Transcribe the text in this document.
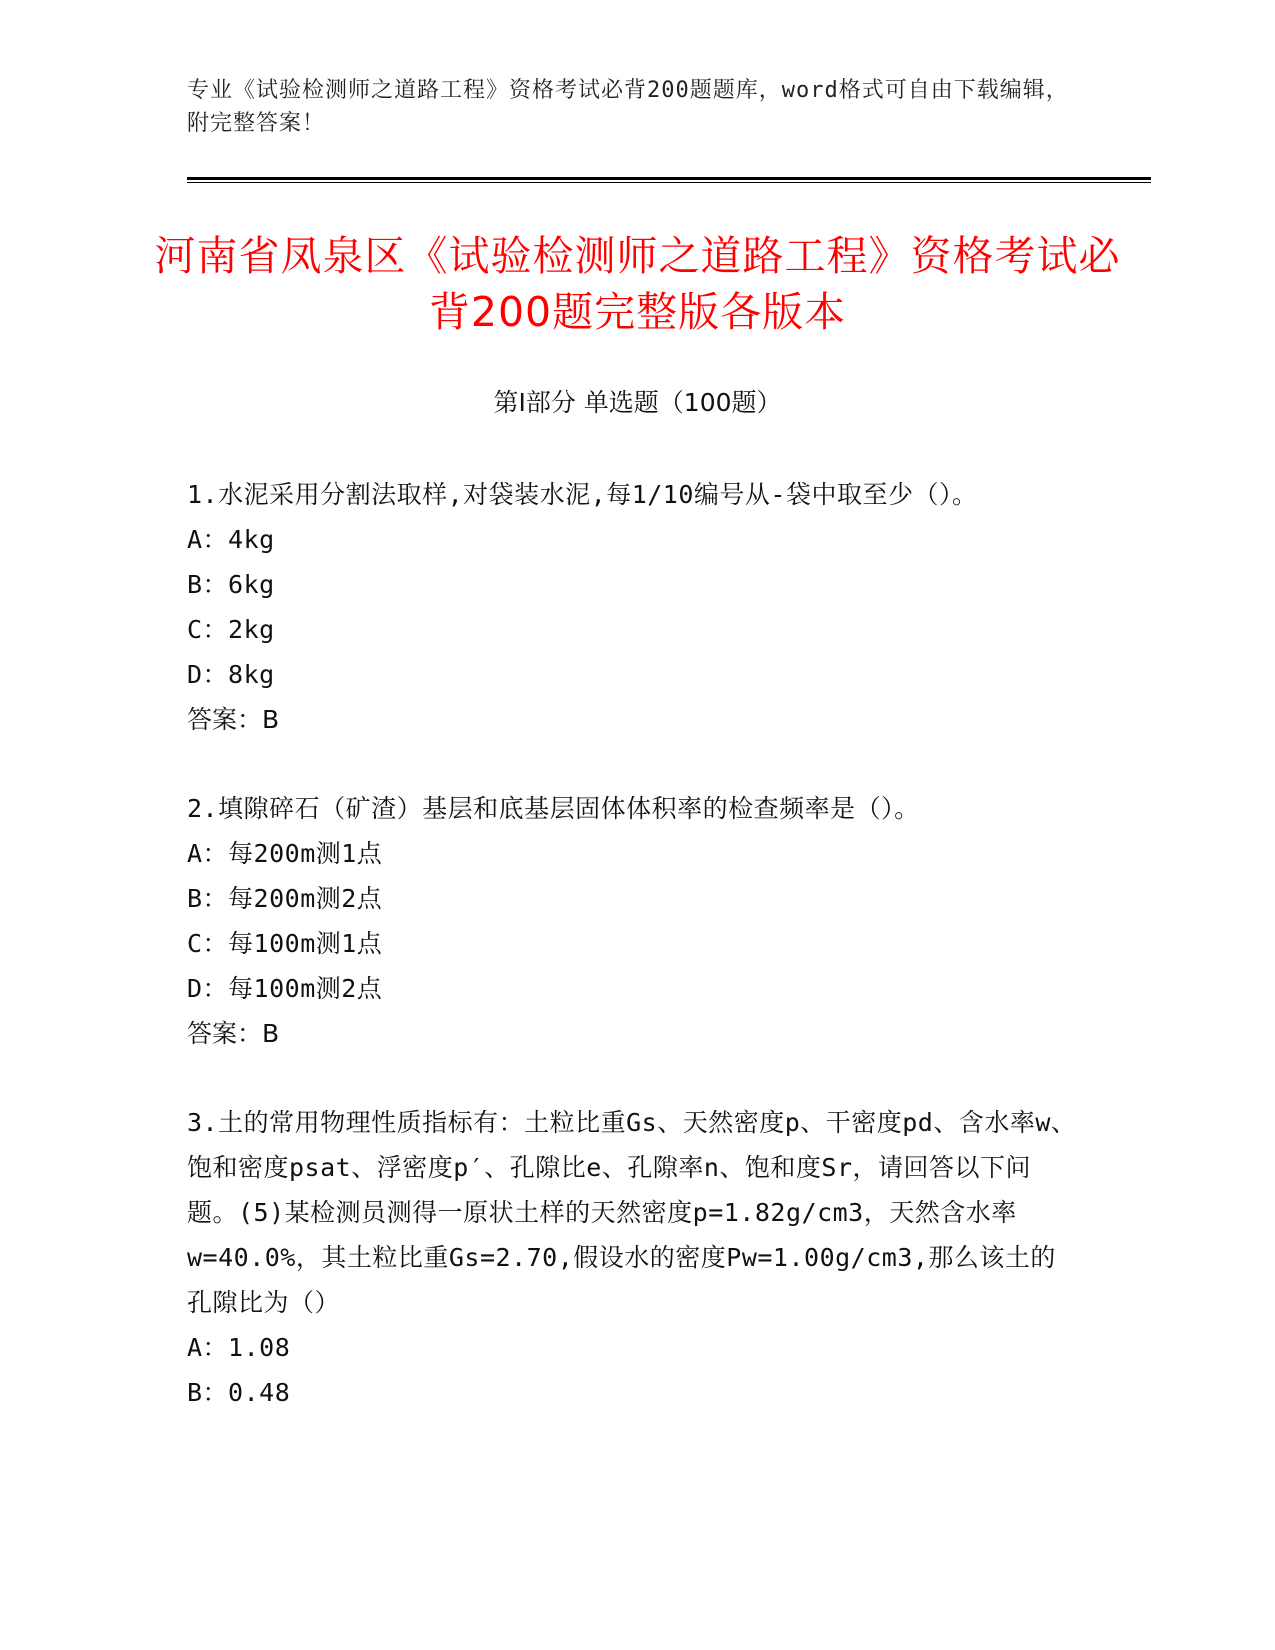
专业《试验检测师之道路工程》资格考试必背200题题库，word格式可自由下载编辑，附完整答案！
河南省凤泉区《试验检测师之道路工程》资格考试必背200题完整版各版本
第Ⅰ部分 单选题（100题）

1.水泥采用分割法取样,对袋装水泥,每1/10编号从-袋中取至少（）。

A：4kg

B：6kg

C：2kg

D：8kg

答案：B

2.填隙碎石（矿渣）基层和底基层固体体积率的检查频率是（）。

A：每200m测1点

B：每200m测2点

C：每100m测1点

D：每100m测2点

答案：B

3.土的常用物理性质指标有：土粒比重Gs、天然密度p、干密度pd、含水率w、饱和密度psat、浮密度p′、孔隙比e、孔隙率n、饱和度Sr，请回答以下问题。(5)某检测员测得一原状土样的天然密度p=1.82g/cm3，天然含水率w=40.0%，其土粒比重Gs=2.70,假设水的密度Pw=1.00g/cm3,那么该土的孔隙比为（）

A：1.08

B：0.48
